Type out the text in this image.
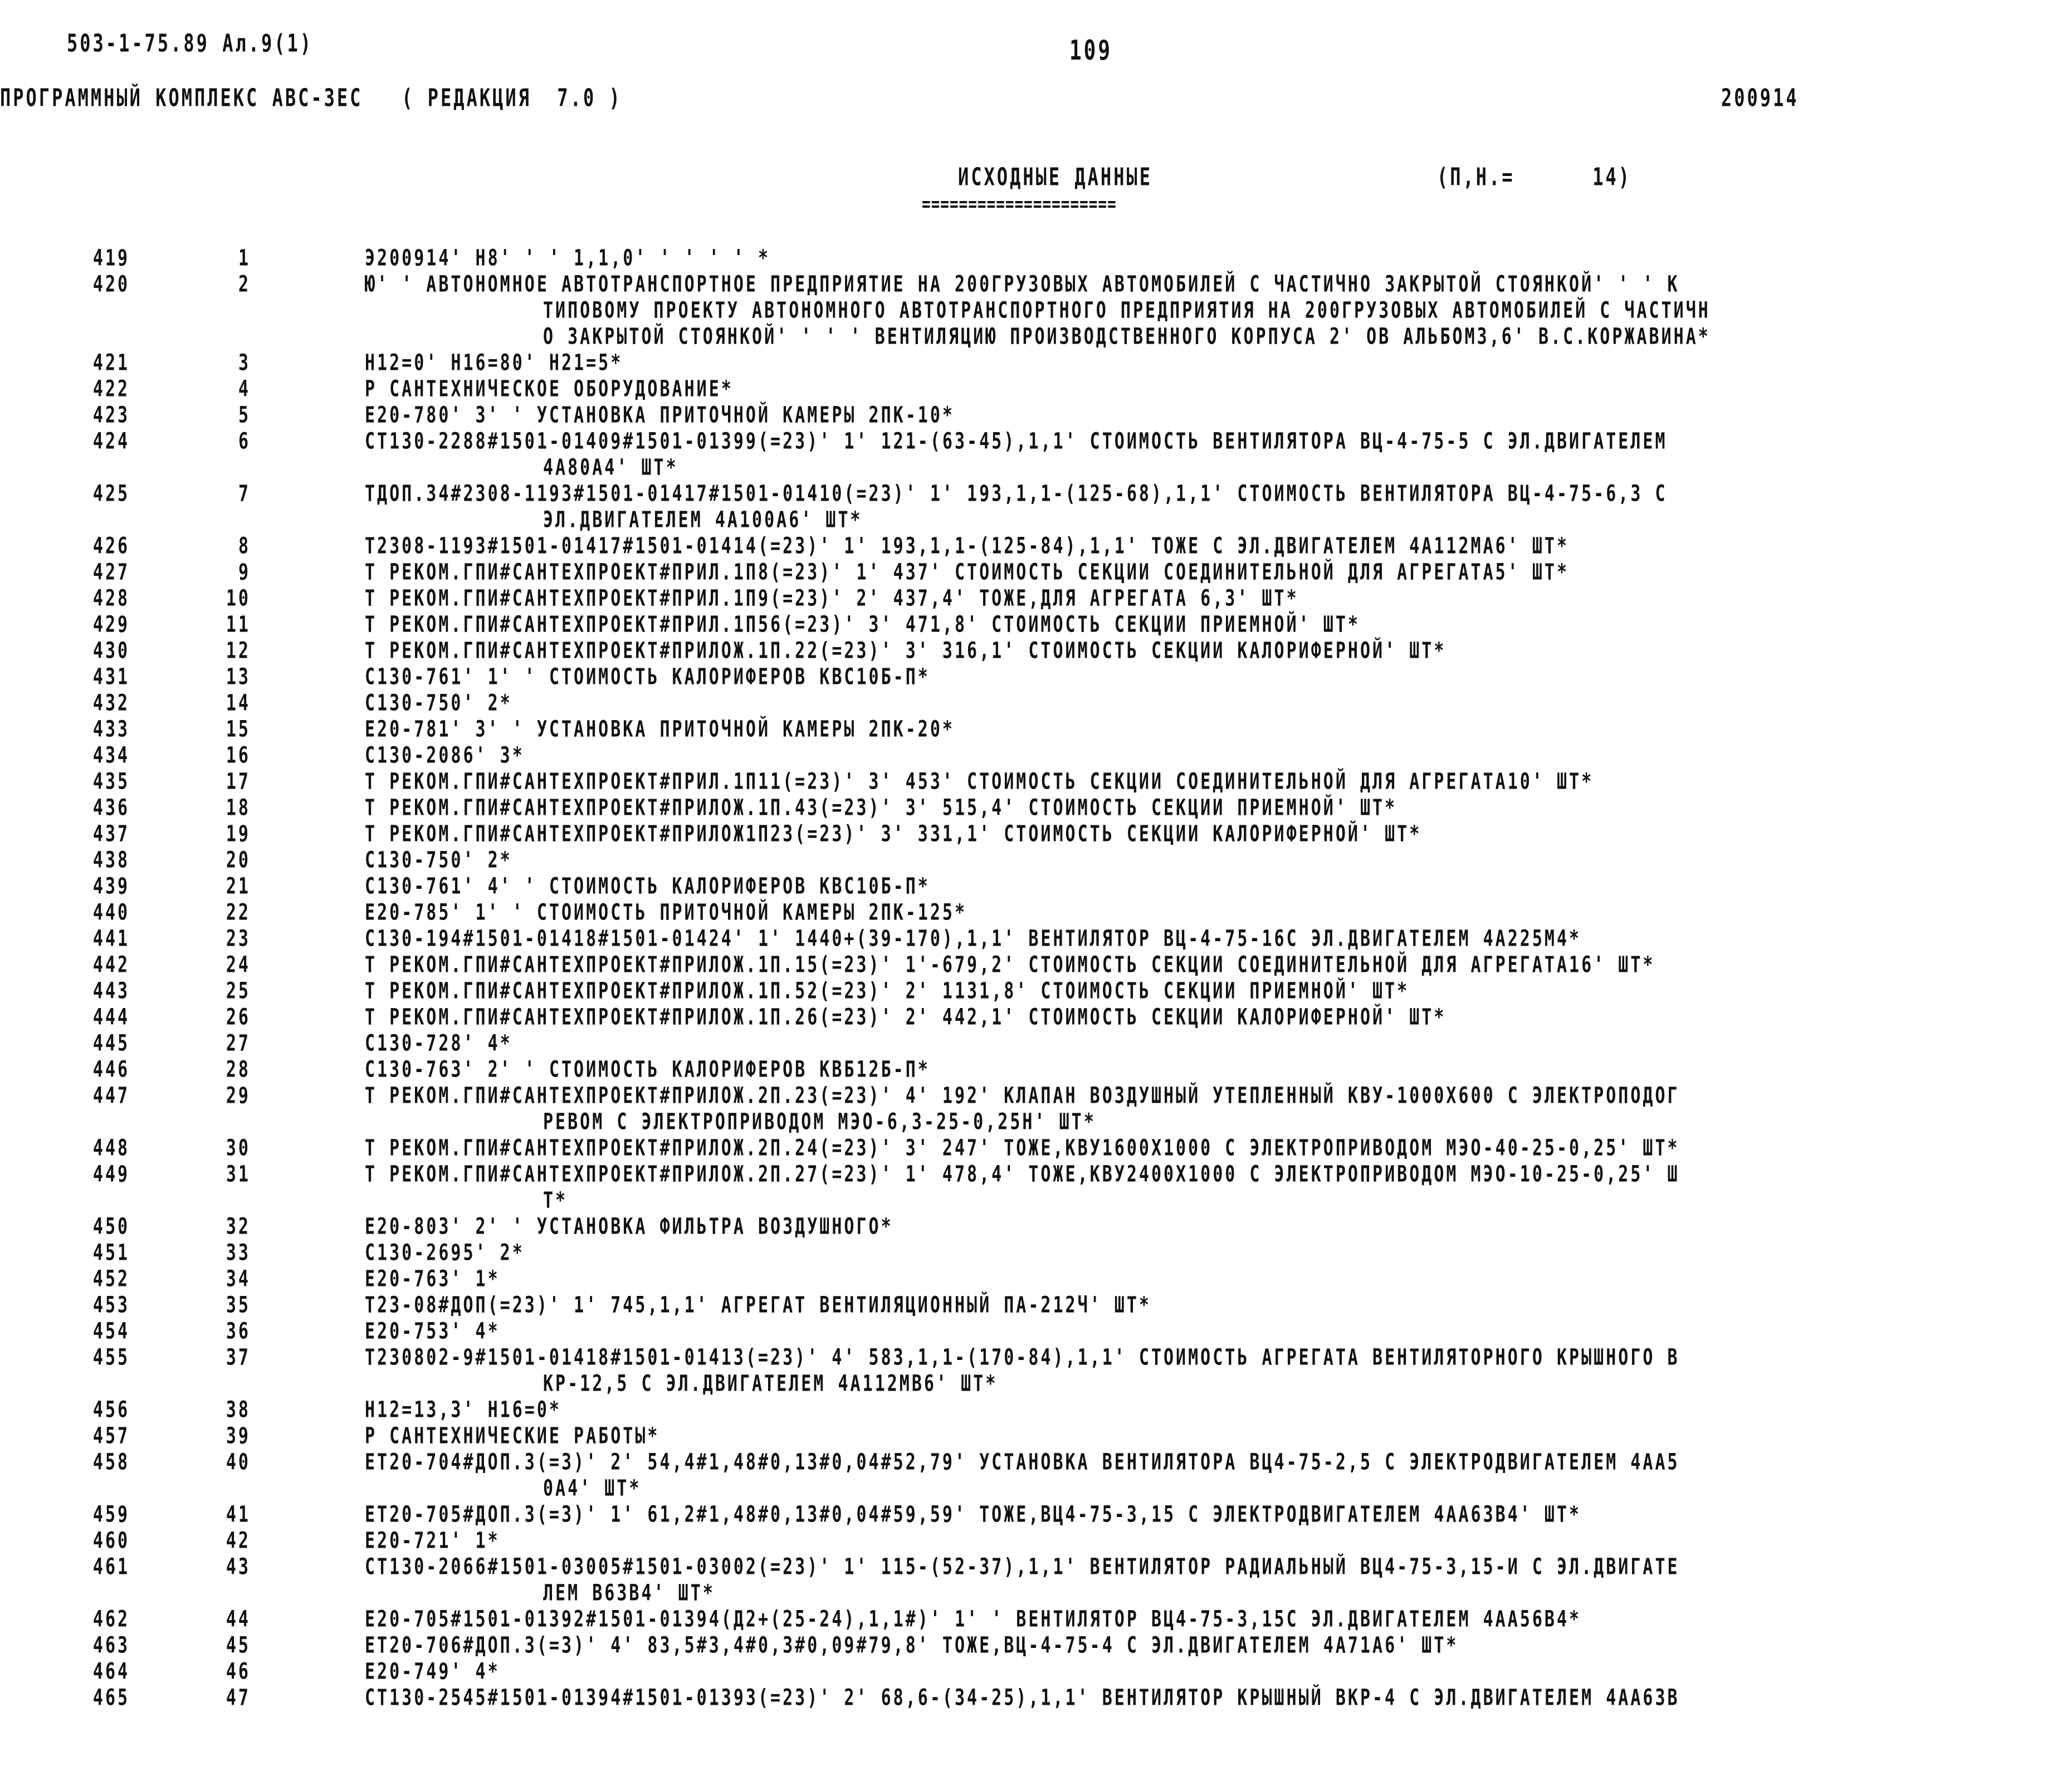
503-1-75.89 Ал.9(1)	109
ПРОГРАММНЫЙ КОМПЛЕКС АВС-3ЕС   ( РЕДАКЦИЯ  7.0 )	200914
ИСХОДНЫЕ ДАННЫЕ	(П,Н.=      14)
=====================
419	1	Э200914' Н8' ' ' 1,1,0' ' ' ' ' *
420	2	Ю' ' АВТОНОМНОЕ АВТОТРАНСПОРТНОЕ ПРЕДПРИЯТИЕ НА 200ГРУЗОВЫХ АВТОМОБИЛЕЙ С ЧАСТИЧНО ЗАКРЫТОЙ СТОЯНКОЙ' ' ' К
ТИПОВОМУ ПРОЕКТУ АВТОНОМНОГО АВТОТРАНСПОРТНОГО ПРЕДПРИЯТИЯ НА 200ГРУЗОВЫХ АВТОМОБИЛЕЙ С ЧАСТИЧН
О ЗАКРЫТОЙ СТОЯНКОЙ' ' ' ' ВЕНТИЛЯЦИЮ ПРОИЗВОДСТВЕННОГО КОРПУСА 2' ОВ АЛЬБОМ3,6' В.С.КОРЖАВИНА*
421	3	Н12=0' Н16=80' Н21=5*
422	4	Р САНТЕХНИЧЕСКОЕ ОБОРУДОВАНИЕ*
423	5	Е20-780' 3' ' УСТАНОВКА ПРИТОЧНОЙ КАМЕРЫ 2ПК-10*
424	6	СТ130-2288#1501-01409#1501-01399(=23)' 1' 121-(63-45),1,1' СТОИМОСТЬ ВЕНТИЛЯТОРА ВЦ-4-75-5 С ЭЛ.ДВИГАТЕЛЕМ
4А80А4' ШТ*
425	7	ТДОП.34#2308-1193#1501-01417#1501-01410(=23)' 1' 193,1,1-(125-68),1,1' СТОИМОСТЬ ВЕНТИЛЯТОРА ВЦ-4-75-6,3 С
ЭЛ.ДВИГАТЕЛЕМ 4А100А6' ШТ*
426	8	Т2308-1193#1501-01417#1501-01414(=23)' 1' 193,1,1-(125-84),1,1' ТОЖЕ С ЭЛ.ДВИГАТЕЛЕМ 4А112МА6' ШТ*
427	9	Т РЕКОМ.ГПИ#САНТЕХПРОЕКТ#ПРИЛ.1П8(=23)' 1' 437' СТОИМОСТЬ СЕКЦИИ СОЕДИНИТЕЛЬНОЙ ДЛЯ АГРЕГАТА5' ШТ*
428	10	Т РЕКОМ.ГПИ#САНТЕХПРОЕКТ#ПРИЛ.1П9(=23)' 2' 437,4' ТОЖЕ,ДЛЯ АГРЕГАТА 6,3' ШТ*
429	11	Т РЕКОМ.ГПИ#САНТЕХПРОЕКТ#ПРИЛ.1П56(=23)' 3' 471,8' СТОИМОСТЬ СЕКЦИИ ПРИЕМНОЙ' ШТ*
430	12	Т РЕКОМ.ГПИ#САНТЕХПРОЕКТ#ПРИЛОЖ.1П.22(=23)' 3' 316,1' СТОИМОСТЬ СЕКЦИИ КАЛОРИФЕРНОЙ' ШТ*
431	13	С130-761' 1' ' СТОИМОСТЬ КАЛОРИФЕРОВ КВС10Б-П*
432	14	С130-750' 2*
433	15	Е20-781' 3' ' УСТАНОВКА ПРИТОЧНОЙ КАМЕРЫ 2ПК-20*
434	16	С130-2086' 3*
435	17	Т РЕКОМ.ГПИ#САНТЕХПРОЕКТ#ПРИЛ.1П11(=23)' 3' 453' СТОИМОСТЬ СЕКЦИИ СОЕДИНИТЕЛЬНОЙ ДЛЯ АГРЕГАТА10' ШТ*
436	18	Т РЕКОМ.ГПИ#САНТЕХПРОЕКТ#ПРИЛОЖ.1П.43(=23)' 3' 515,4' СТОИМОСТЬ СЕКЦИИ ПРИЕМНОЙ' ШТ*
437	19	Т РЕКОМ.ГПИ#САНТЕХПРОЕКТ#ПРИЛОЖ1П23(=23)' 3' 331,1' СТОИМОСТЬ СЕКЦИИ КАЛОРИФЕРНОЙ' ШТ*
438	20	С130-750' 2*
439	21	С130-761' 4' ' СТОИМОСТЬ КАЛОРИФЕРОВ КВС10Б-П*
440	22	Е20-785' 1' ' СТОИМОСТЬ ПРИТОЧНОЙ КАМЕРЫ 2ПК-125*
441	23	С130-194#1501-01418#1501-01424' 1' 1440+(39-170),1,1' ВЕНТИЛЯТОР ВЦ-4-75-16С ЭЛ.ДВИГАТЕЛЕМ 4А225М4*
442	24	Т РЕКОМ.ГПИ#САНТЕХПРОЕКТ#ПРИЛОЖ.1П.15(=23)' 1'-679,2' СТОИМОСТЬ СЕКЦИИ СОЕДИНИТЕЛЬНОЙ ДЛЯ АГРЕГАТА16' ШТ*
443	25	Т РЕКОМ.ГПИ#САНТЕХПРОЕКТ#ПРИЛОЖ.1П.52(=23)' 2' 1131,8' СТОИМОСТЬ СЕКЦИИ ПРИЕМНОЙ' ШТ*
444	26	Т РЕКОМ.ГПИ#САНТЕХПРОЕКТ#ПРИЛОЖ.1П.26(=23)' 2' 442,1' СТОИМОСТЬ СЕКЦИИ КАЛОРИФЕРНОЙ' ШТ*
445	27	С130-728' 4*
446	28	С130-763' 2' ' СТОИМОСТЬ КАЛОРИФЕРОВ КВБ12Б-П*
447	29	Т РЕКОМ.ГПИ#САНТЕХПРОЕКТ#ПРИЛОЖ.2П.23(=23)' 4' 192' КЛАПАН ВОЗДУШНЫЙ УТЕПЛЕННЫЙ КВУ-1000Х600 С ЭЛЕКТРОПОДОГ
РЕВОМ С ЭЛЕКТРОПРИВОДОМ МЭО-6,3-25-0,25Н' ШТ*
448	30	Т РЕКОМ.ГПИ#САНТЕХПРОЕКТ#ПРИЛОЖ.2П.24(=23)' 3' 247' ТОЖЕ,КВУ1600Х1000 С ЭЛЕКТРОПРИВОДОМ МЭО-40-25-0,25' ШТ*
449	31	Т РЕКОМ.ГПИ#САНТЕХПРОЕКТ#ПРИЛОЖ.2П.27(=23)' 1' 478,4' ТОЖЕ,КВУ2400Х1000 С ЭЛЕКТРОПРИВОДОМ МЭО-10-25-0,25' Ш
Т*
450	32	Е20-803' 2' ' УСТАНОВКА ФИЛЬТРА ВОЗДУШНОГО*
451	33	С130-2695' 2*
452	34	Е20-763' 1*
453	35	Т23-08#ДОП(=23)' 1' 745,1,1' АГРЕГАТ ВЕНТИЛЯЦИОННЫЙ ПА-212Ч' ШТ*
454	36	Е20-753' 4*
455	37	Т230802-9#1501-01418#1501-01413(=23)' 4' 583,1,1-(170-84),1,1' СТОИМОСТЬ АГРЕГАТА ВЕНТИЛЯТОРНОГО КРЫШНОГО В
КР-12,5 С ЭЛ.ДВИГАТЕЛЕМ 4А112МВ6' ШТ*
456	38	Н12=13,3' Н16=0*
457	39	Р САНТЕХНИЧЕСКИЕ РАБОТЫ*
458	40	ЕТ20-704#ДОП.3(=3)' 2' 54,4#1,48#0,13#0,04#52,79' УСТАНОВКА ВЕНТИЛЯТОРА ВЦ4-75-2,5 С ЭЛЕКТРОДВИГАТЕЛЕМ 4АА5
0А4' ШТ*
459	41	ЕТ20-705#ДОП.3(=3)' 1' 61,2#1,48#0,13#0,04#59,59' ТОЖЕ,ВЦ4-75-3,15 С ЭЛЕКТРОДВИГАТЕЛЕМ 4АА63В4' ШТ*
460	42	Е20-721' 1*
461	43	СТ130-2066#1501-03005#1501-03002(=23)' 1' 115-(52-37),1,1' ВЕНТИЛЯТОР РАДИАЛЬНЫЙ ВЦ4-75-3,15-И С ЭЛ.ДВИГАТЕ
ЛЕМ В63В4' ШТ*
462	44	Е20-705#1501-01392#1501-01394(Д2+(25-24),1,1#)' 1' ' ВЕНТИЛЯТОР ВЦ4-75-3,15С ЭЛ.ДВИГАТЕЛЕМ 4АА56В4*
463	45	ЕТ20-706#ДОП.3(=3)' 4' 83,5#3,4#0,3#0,09#79,8' ТОЖЕ,ВЦ-4-75-4 С ЭЛ.ДВИГАТЕЛЕМ 4А71А6' ШТ*
464	46	Е20-749' 4*
465	47	СТ130-2545#1501-01394#1501-01393(=23)' 2' 68,6-(34-25),1,1' ВЕНТИЛЯТОР КРЫШНЫЙ ВКР-4 С ЭЛ.ДВИГАТЕЛЕМ 4АА63В
